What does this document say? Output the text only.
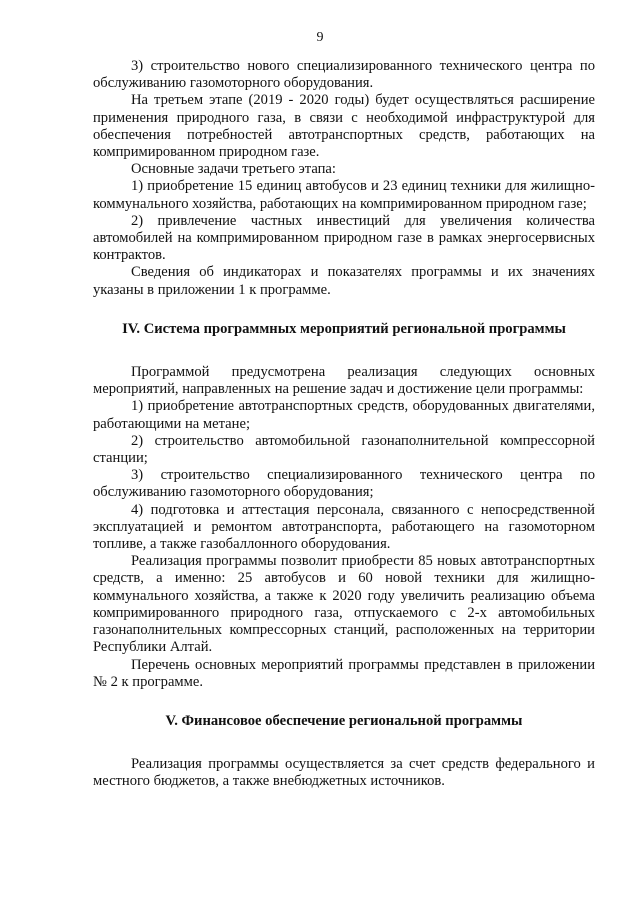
9

3) строительство нового специализированного технического центра по обслуживанию газомоторного оборудования.

На третьем этапе (2019 - 2020 годы) будет осуществляться расширение применения природного газа, в связи с необходимой инфраструктурой для обеспечения потребностей автотранспортных средств, работающих на компримированном природном газе.

Основные задачи третьего этапа:

1) приобретение 15 единиц автобусов и 23 единиц техники для жилищно-коммунального хозяйства, работающих на компримированном природном газе;

2) привлечение частных инвестиций для увеличения количества автомобилей на компримированном природном газе в рамках энергосервисных контрактов.

Сведения об индикаторах и показателях программы и их значениях указаны в приложении 1 к программе.

IV. Система программных мероприятий региональной программы

Программой предусмотрена реализация следующих основных мероприятий, направленных на решение задач и достижение цели программы:

1) приобретение автотранспортных средств, оборудованных двигателями, работающими на метане;

2) строительство автомобильной газонаполнительной компрессорной станции;

3) строительство специализированного технического центра по обслуживанию газомоторного оборудования;

4) подготовка и аттестация персонала, связанного с непосредственной эксплуатацией и ремонтом автотранспорта, работающего на газомоторном топливе, а также газобаллонного оборудования.

Реализация программы позволит приобрести 85 новых автотранспортных средств, а именно: 25 автобусов и 60 новой техники для жилищно-коммунального хозяйства, а также к 2020 году увеличить реализацию объема компримированного природного газа, отпускаемого с 2-х автомобильных газонаполнительных компрессорных станций, расположенных на территории Республики Алтай.

Перечень основных мероприятий программы представлен в приложении № 2 к программе.

V. Финансовое обеспечение региональной программы

Реализация программы осуществляется за счет средств федерального и местного бюджетов, а также внебюджетных источников.
